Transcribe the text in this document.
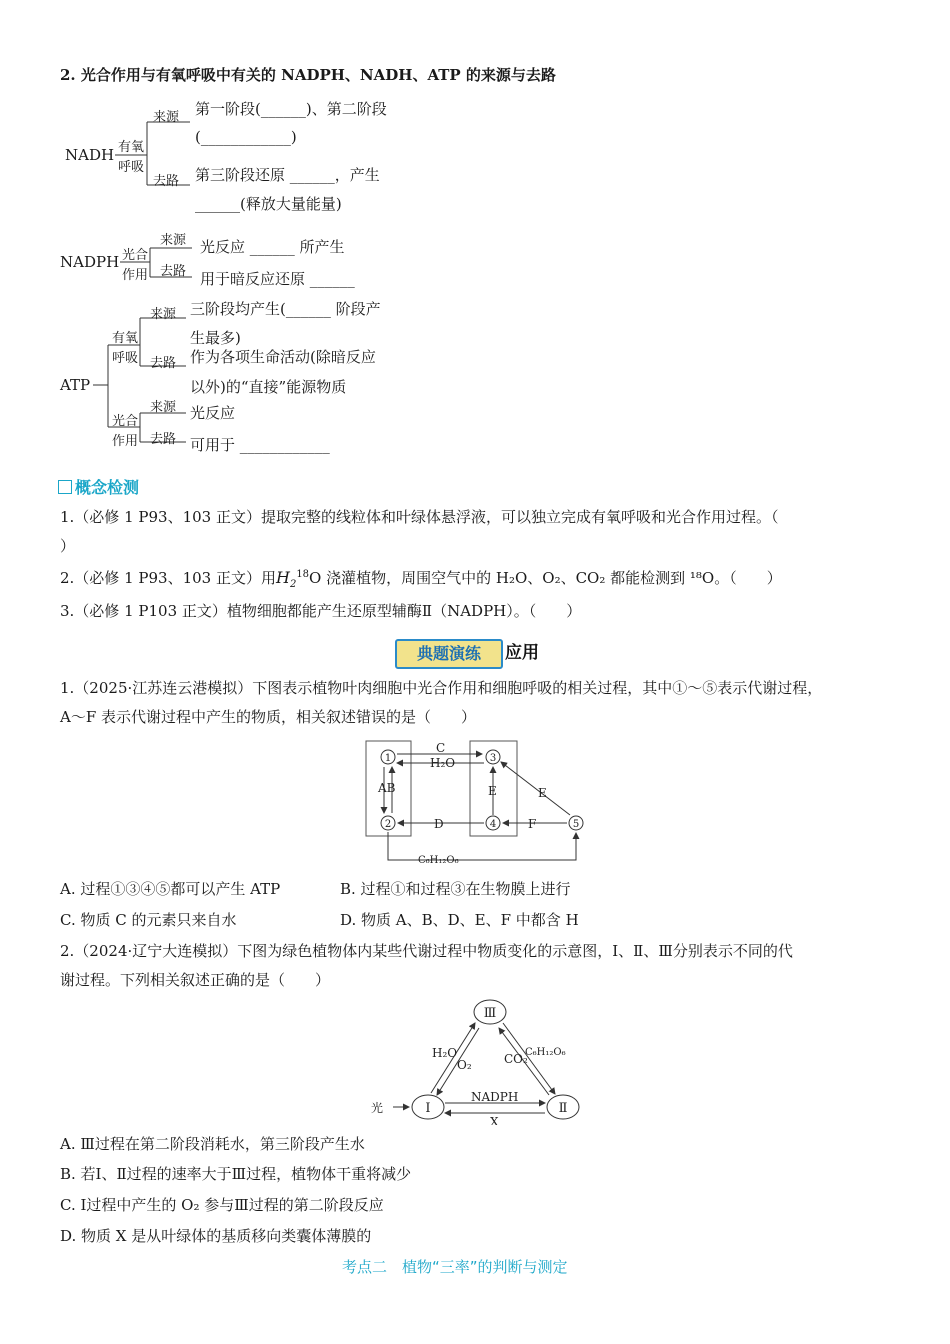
2. 光合作用与有氧呼吸中有关的 NADPH、NADH、ATP 的来源与去路
NADH 有氧
呼吸
来源 第一阶段(______)、第二阶段
(____________)
去路 第三阶段还原 ______，产生
______(释放大量能量)
NADPH 光合
作用
来源 光反应 ______ 所产生
去路 用于暗反应还原 ______
ATP
有氧
呼吸
来源 三阶段均产生(______ 阶段产
生最多)
去路 作为各项生命活动(除暗反应
以外)的“直接”能源物质
光合
作用
来源 光反应
去路 可用于 ____________
概念检测
1.（必修 1 P93、103 正文）提取完整的线粒体和叶绿体悬浮液，可以独立完成有氧呼吸和光合作用过程。（
）
2.（必修 1 P93、103 正文）用$H_2^{18}O$ 浇灌植物，周围空气中的 H₂O、O₂、CO₂ 都能检测到 ¹⁸O。（　　）
3.（必修 1 P103 正文）植物细胞都能产生还原型辅酶Ⅱ（NADPH）。（　　）
典题演练	应用
1.（2025·江苏连云港模拟）下图表示植物叶肉细胞中光合作用和细胞呼吸的相关过程，其中①～⑤表示代谢过程，
A～F 表示代谢过程中产生的物质，相关叙述错误的是（　　）
1
2
3
4	5
C
H₂O
AB	E	E
D	F
C₆H₁₂O₆
A. 过程①③④⑤都可以产生 ATP	B. 过程①和过程③在生物膜上进行
C. 物质 C 的元素只来自水	D. 物质 A、B、D、E、F 中都含 H
2.（2024·辽宁大连模拟）下图为绿色植物体内某些代谢过程中物质变化的示意图，Ⅰ、Ⅱ、Ⅲ分别表示不同的代
谢过程。下列相关叙述正确的是（　　）
Ⅲ
Ⅰ	Ⅱ
光
H₂O
O₂	CO₂
C₆H₁₂O₆
NADPH
X
A. Ⅲ过程在第二阶段消耗水，第三阶段产生水
B. 若Ⅰ、Ⅱ过程的速率大于Ⅲ过程，植物体干重将减少
C. Ⅰ过程中产生的 O₂ 参与Ⅲ过程的第二阶段反应
D. 物质 X 是从叶绿体的基质移向类囊体薄膜的
考点二　植物“三率”的判断与测定
